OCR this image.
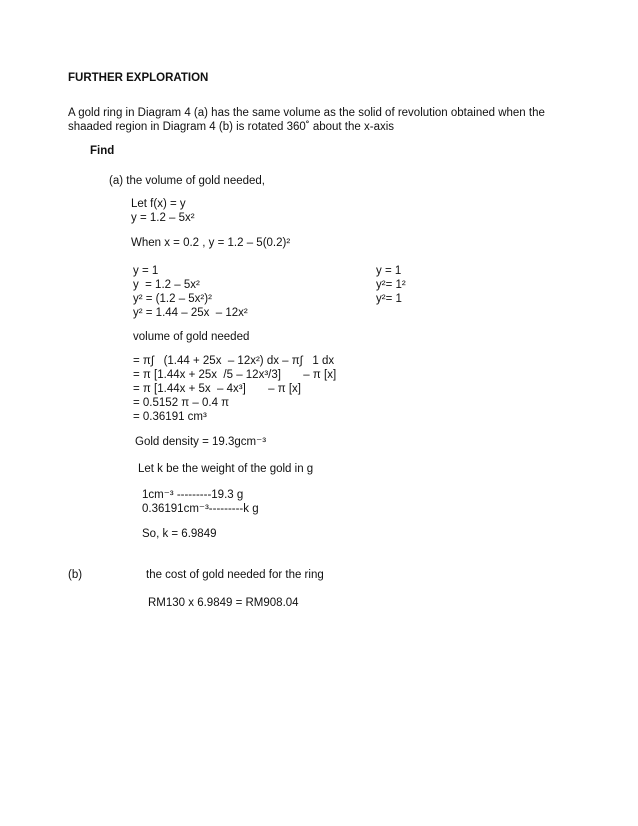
FURTHER EXPLORATION
A gold ring in Diagram 4 (a) has the same volume as the solid of revolution obtained when the
shaaded region in Diagram 4 (b) is rotated 360˚ about the x-axis
Find
(a) the volume of gold needed,
Let f(x) = y
y = 1.2 – 5x²
When x = 0.2 , y = 1.2 – 5(0.2)²
y = 1
y  = 1.2 – 5x²
y² = (1.2 – 5x²)²
y² = 1.44 – 25x  – 12x²
y = 1
y²= 1²
y²= 1
volume of gold needed
= π∫   (1.44 + 25x  – 12x²) dx – π∫   1 dx
= π [1.44x + 25x  /5 – 12x³/3]       – π [x]
= π [1.44x + 5x  – 4x³]       – π [x]
= 0.5152 π – 0.4 π
= 0.36191 cm³
Gold density = 19.3gcm⁻³
Let k be the weight of the gold in g
1cm⁻³ ---------19.3 g
0.36191cm⁻³---------k g
So, k = 6.9849
(b)	the cost of gold needed for the ring
RM130 x 6.9849 = RM908.04
